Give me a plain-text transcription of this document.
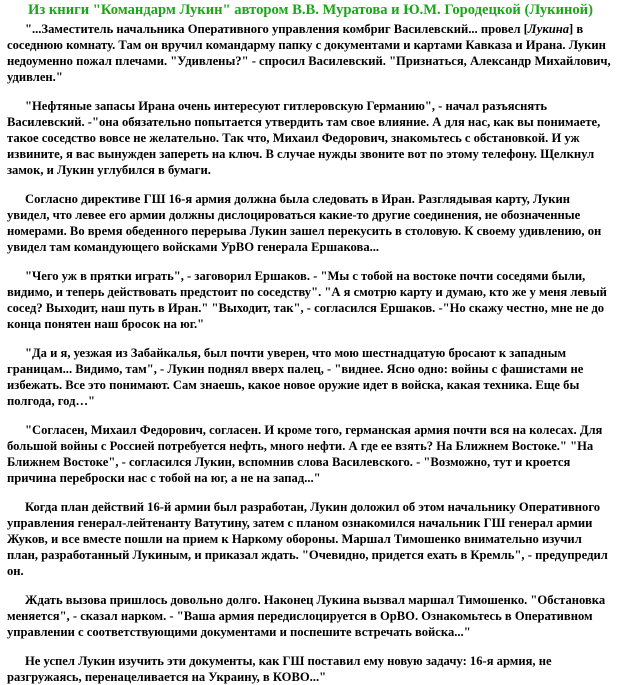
Из книги "Командарм Лукин" автором В.В. Муратова и Ю.М. Городецкой (Лукиной)
"...Заместитель начальника Оперативного управления комбриг Василевский... провел [Лукина] в соседнюю комнату. Там он вручил командарму папку с документами и картами Кавказа и Ирана. Лукин недоуменно пожал плечами. "Удивлены?" - спросил Василевский. "Признаться, Александр Михайлович, удивлен."
"Нефтяные запасы Ирана очень интересуют гитлеровскую Германию", - начал разъяснять Василевский. -"она обязательно попытается утвердить там свое влияние. А для нас, как вы понимаете, такое соседство вовсе не желательно. Так что, Михаил Федорович, знакомьтесь с обстановкой. И уж извините, я вас вынужден запереть на ключ. В случае нужды звоните вот по этому телефону. Щелкнул замок, и Лукин углубился в бумаги.
Согласно директиве ГШ 16-я армия должна была следовать в Иран. Разглядывая карту, Лукин увидел, что левее его армии должны дислоцироваться какие-то другие соединения, не обозначенные номерами. Во время обеденного перерыва Лукин зашел перекусить в столовую. К своему удивлению, он увидел там командующего войсками УрВО генерала Ершакова...
"Чего уж в прятки играть", - заговорил Ершаков. - "Мы с тобой на востоке почти соседями были, видимо, и теперь действовать предстоит по соседству". "А я смотрю карту и думаю, кто же у меня левый сосед? Выходит, наш путь в Иран." "Выходит, так", - согласился Ершаков. -"Но скажу честно, мне не до конца понятен наш бросок на юг."
"Да и я, уезжая из Забайкалья, был почти уверен, что мою шестнадцатую бросают к западным границам... Видимо, там", - Лукин поднял вверх палец, - "виднее. Ясно одно: войны с фашистами не избежать. Все это понимают. Сам знаешь, какое новое оружие идет в войска, какая техника. Еще бы полгода, год…"
"Согласен, Михаил Федорович, согласен. И кроме того, германская армия почти вся на колесах. Для большой войны с Россией потребуется нефть, много нефти. А где ее взять? На Ближнем Востоке." "На Ближнем Востоке", - согласился Лукин, вспомнив слова Василевского. - "Возможно, тут и кроется причина переброски нас с тобой на юг, а не на запад..."
Когда план действий 16-й армии был разработан, Лукин доложил об этом начальнику Оперативного управления генерал-лейтенанту Ватутину, затем с планом ознакомился начальник ГШ генерал армии Жуков, и все вместе пошли на прием к Наркому обороны. Маршал Тимошенко внимательно изучил план, разработанный Лукиным, и приказал ждать. "Очевидно, придется ехать в Кремль", - предупредил он.
Ждать вызова пришлось довольно долго. Наконец Лукина вызвал маршал Тимошенко. "Обстановка меняется", - сказал нарком. - "Ваша армия передислоцируется в ОрВО. Ознакомьтесь в Оперативном управлении с соответствующими документами и поспешите встречать войска..."
Не успел Лукин изучить эти документы, как ГШ поставил ему новую задачу: 16-я армия, не разгружаясь, перенацеливается на Украину, в КОВО..."
